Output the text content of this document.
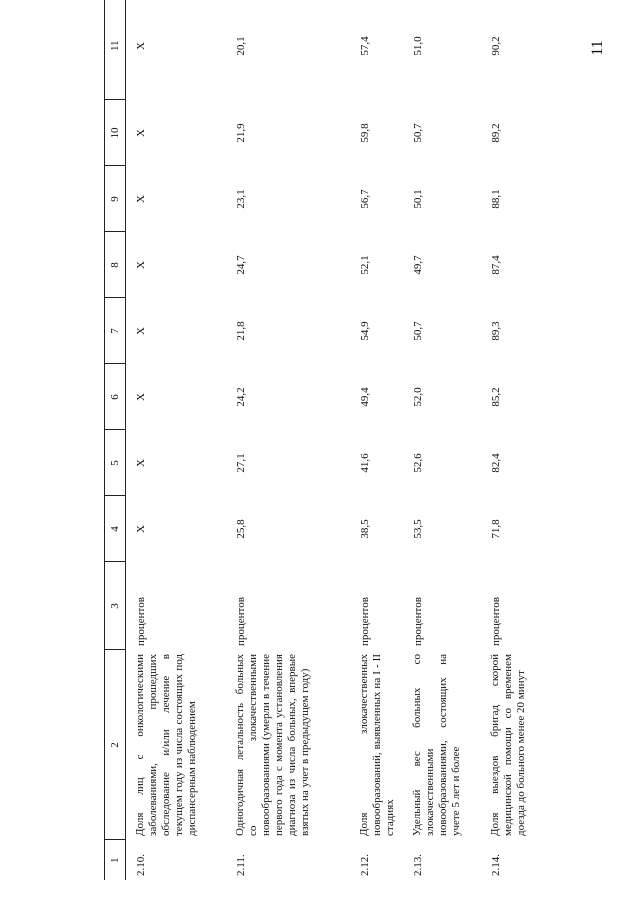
11
1	2	3	4	5	6	7	8	9	10	11
2.10.	Доля лиц с онкологическими заболеваниями, прошедших обследование и/или лечение в текущем году из числа состоящих под диспансерным наблюдением	процентов	Х	Х	Х	Х	Х	Х	Х	Х
2.11.	Одногодичная летальность больных со злокачественными новообразованиями (умерли в течение первого года с момента установления диагноза из числа больных, впервые взятых на учет в предыдущем году)	процентов	25,8	27,1	24,2	21,8	24,7	23,1	21,9	20,1
2.12.	Доля злокачественных новообразований, выявленных на I - II стадиях	процентов	38,5	41,6	49,4	54,9	52,1	56,7	59,8	57,4
2.13.	Удельный вес больных со злокачественными новообразованиями, состоящих на учете 5 лет и более	процентов	53,5	52,6	52,0	50,7	49,7	50,1	50,7	51,0
2.14.	Доля выездов бригад скорой медицинской помощи со временем доезда до больного менее 20 минут	процентов	71,8	82,4	85,2	89,3	87,4	88,1	89,2	90,2
